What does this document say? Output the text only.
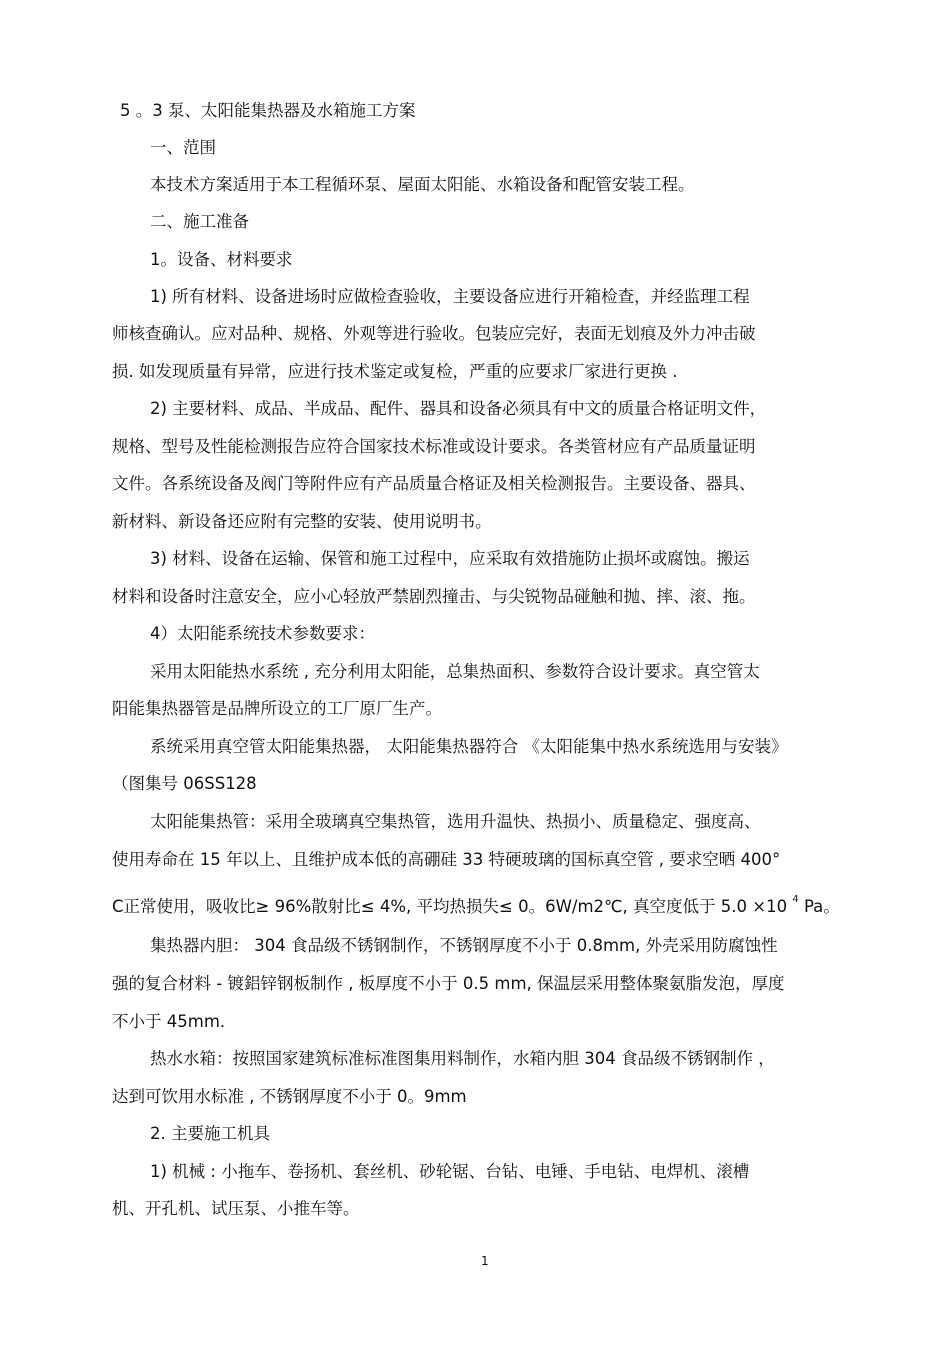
5 。3 泵、太阳能集热器及水箱施工方案
一、范围
本技术方案适用于本工程循环泵、屋面太阳能、水箱设备和配管安装工程。
二、施工准备
1。设备、材料要求
1) 所有材料、设备进场时应做检查验收，主要设备应进行开箱检查，并经监理工程
师核查确认。应对品种、规格、外观等进行验收。包装应完好，表面无划痕及外力冲击破
损. 如发现质量有异常，应进行技术鉴定或复检，严重的应要求厂家进行更换 .
2) 主要材料、成品、半成品、配件、器具和设备必须具有中文的质量合格证明文件，
规格、型号及性能检测报告应符合国家技术标准或设计要求。各类管材应有产品质量证明
文件。各系统设备及阀门等附件应有产品质量合格证及相关检测报告。主要设备、器具、
新材料、新设备还应附有完整的安装、使用说明书。
3) 材料、设备在运输、保管和施工过程中，应采取有效措施防止损坏或腐蚀。搬运
材料和设备时注意安全，应小心轻放严禁剧烈撞击、与尖锐物品碰触和抛、摔、滚、拖。
4）太阳能系统技术参数要求：
采用太阳能热水系统 , 充分利用太阳能，总集热面积、参数符合设计要求。真空管太
阳能集热器管是品牌所设立的工厂原厂生产。
系统采用真空管太阳能集热器， 太阳能集热器符合 《太阳能集中热水系统选用与安装》
（图集号 06SS128
太阳能集热管：采用全玻璃真空集热管，选用升温快、热损小、质量稳定、强度高、
使用寿命在 15 年以上、且维护成本低的高硼硅 33 特硬玻璃的国标真空管 , 要求空晒 400°
C正常使用，吸收比≥ 96%散射比≤ 4%, 平均热损失≤ 0。6W/m2℃, 真空度低于 5.0 ×10 $^4$ Pa。
集热器内胆： 304 食品级不锈钢制作，不锈钢厚度不小于 0.8mm, 外壳采用防腐蚀性
强的复合材料 - 镀鋁锌钢板制作 , 板厚度不小于 0.5 mm, 保温层采用整体聚氨脂发泡，厚度
不小于 45mm.
热水水箱：按照国家建筑标准标准图集用料制作，水箱内胆 304 食品级不锈钢制作 ，
达到可饮用水标准 , 不锈钢厚度不小于 0。9mm
2. 主要施工机具
1) 机械 : 小拖车、卷扬机、套丝机、砂轮锯、台钻、电锤、手电钻、电焊机、滚槽
机、开孔机、试压泵、小推车等。
1
